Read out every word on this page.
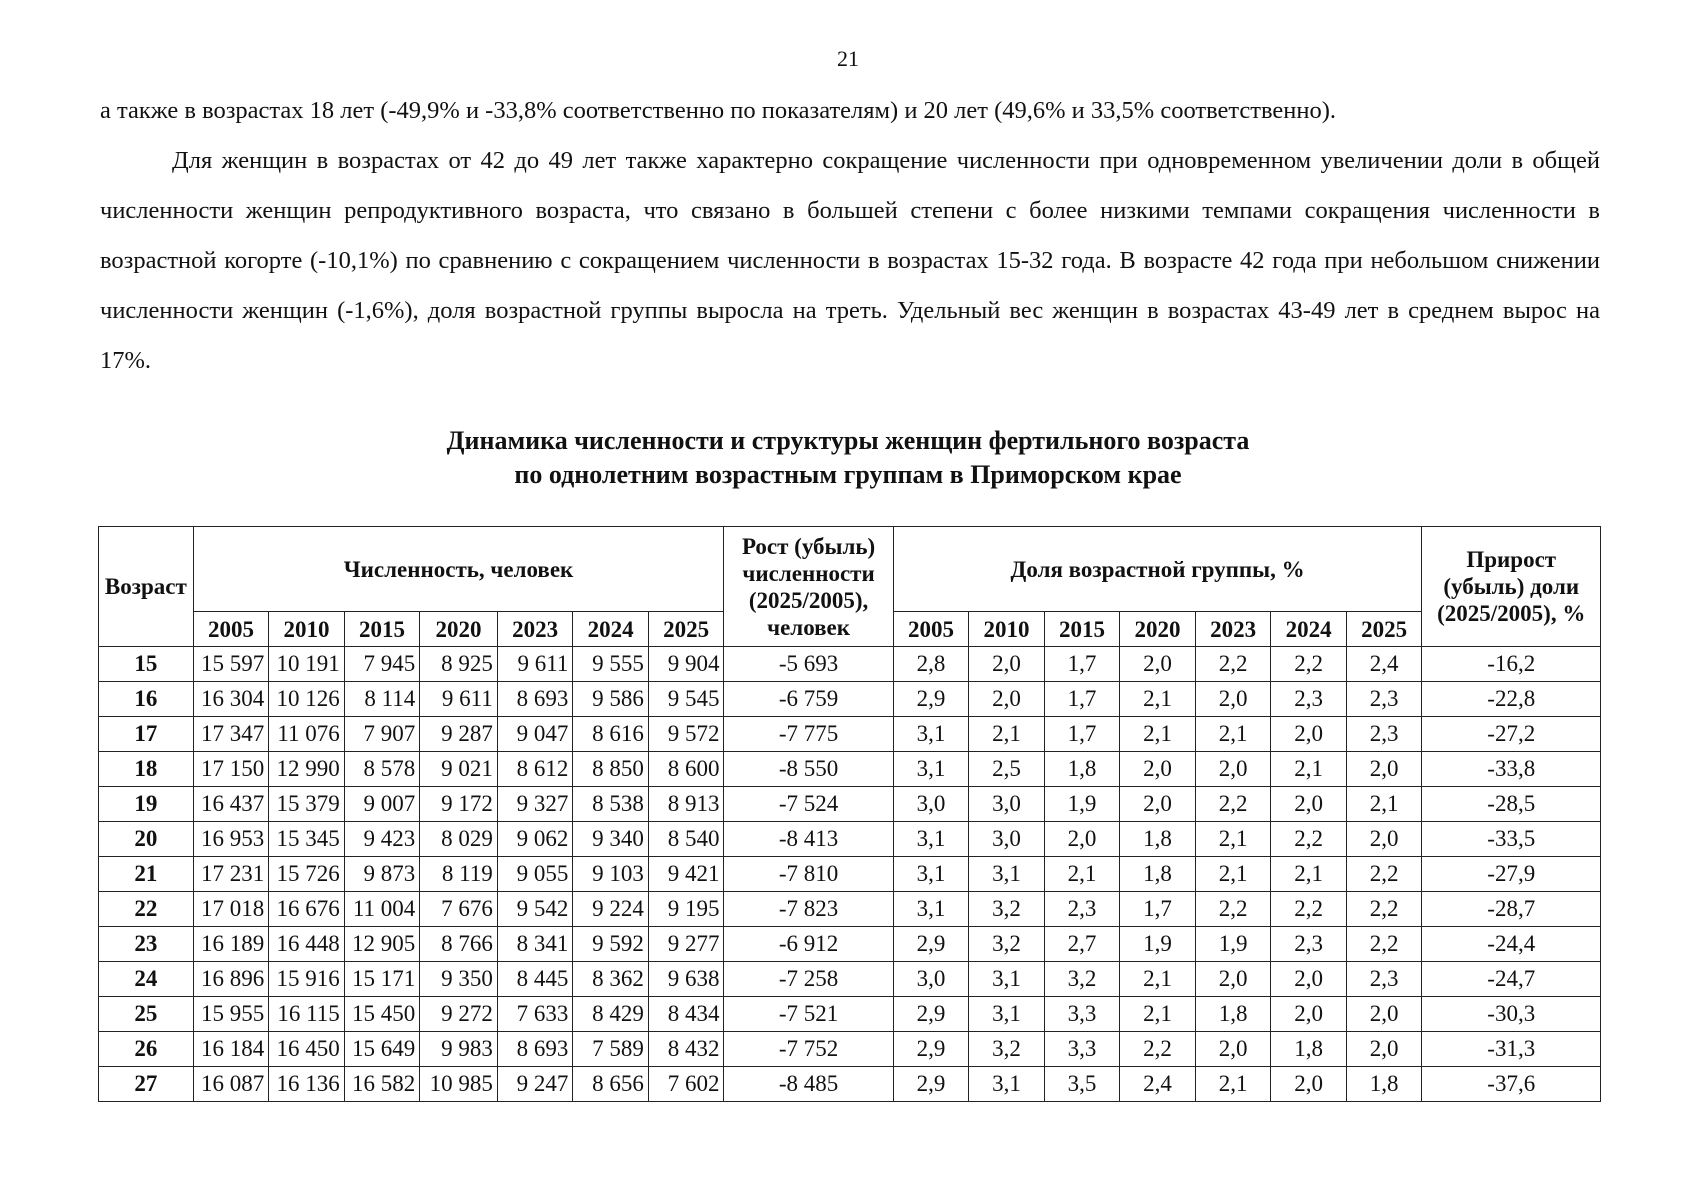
21

а также в возрастах 18 лет (-49,9% и -33,8% соответственно по показателям) и 20 лет (49,6% и 33,5% соответственно).

Для женщин в возрастах от 42 до 49 лет также характерно сокращение численности при одновременном увеличении доли в общей численности женщин репродуктивного возраста, что связано в большей степени с более низкими темпами сокращения численности в возрастной когорте (-10,1%) по сравнению с сокращением численности в возрастах 15-32 года. В возрасте 42 года при небольшом снижении численности женщин (-1,6%), доля возрастной группы выросла на треть. Удельный вес женщин в возрастах 43-49 лет в среднем вырос на 17%.

Динамика численности и структуры женщин фертильного возраста
по однолетним возрастным группам в Приморском крае
Возраст	Численность, человек							Рост (убыль) численности (2025/2005), человек	Доля возрастной группы, %							Прирост (убыль) доли (2025/2005), %
	2005	2010	2015	2020	2023	2024	2025		2005	2010	2015	2020	2023	2024	2025	
15	15 597	10 191	7 945	8 925	9 611	9 555	9 904	-5 693	2,8	2,0	1,7	2,0	2,2	2,2	2,4	-16,2
16	16 304	10 126	8 114	9 611	8 693	9 586	9 545	-6 759	2,9	2,0	1,7	2,1	2,0	2,3	2,3	-22,8
17	17 347	11 076	7 907	9 287	9 047	8 616	9 572	-7 775	3,1	2,1	1,7	2,1	2,1	2,0	2,3	-27,2
18	17 150	12 990	8 578	9 021	8 612	8 850	8 600	-8 550	3,1	2,5	1,8	2,0	2,0	2,1	2,0	-33,8
19	16 437	15 379	9 007	9 172	9 327	8 538	8 913	-7 524	3,0	3,0	1,9	2,0	2,2	2,0	2,1	-28,5
20	16 953	15 345	9 423	8 029	9 062	9 340	8 540	-8 413	3,1	3,0	2,0	1,8	2,1	2,2	2,0	-33,5
21	17 231	15 726	9 873	8 119	9 055	9 103	9 421	-7 810	3,1	3,1	2,1	1,8	2,1	2,1	2,2	-27,9
22	17 018	16 676	11 004	7 676	9 542	9 224	9 195	-7 823	3,1	3,2	2,3	1,7	2,2	2,2	2,2	-28,7
23	16 189	16 448	12 905	8 766	8 341	9 592	9 277	-6 912	2,9	3,2	2,7	1,9	1,9	2,3	2,2	-24,4
24	16 896	15 916	15 171	9 350	8 445	8 362	9 638	-7 258	3,0	3,1	3,2	2,1	2,0	2,0	2,3	-24,7
25	15 955	16 115	15 450	9 272	7 633	8 429	8 434	-7 521	2,9	3,1	3,3	2,1	1,8	2,0	2,0	-30,3
26	16 184	16 450	15 649	9 983	8 693	7 589	8 432	-7 752	2,9	3,2	3,3	2,2	2,0	1,8	2,0	-31,3
27	16 087	16 136	16 582	10 985	9 247	8 656	7 602	-8 485	2,9	3,1	3,5	2,4	2,1	2,0	1,8	-37,6
